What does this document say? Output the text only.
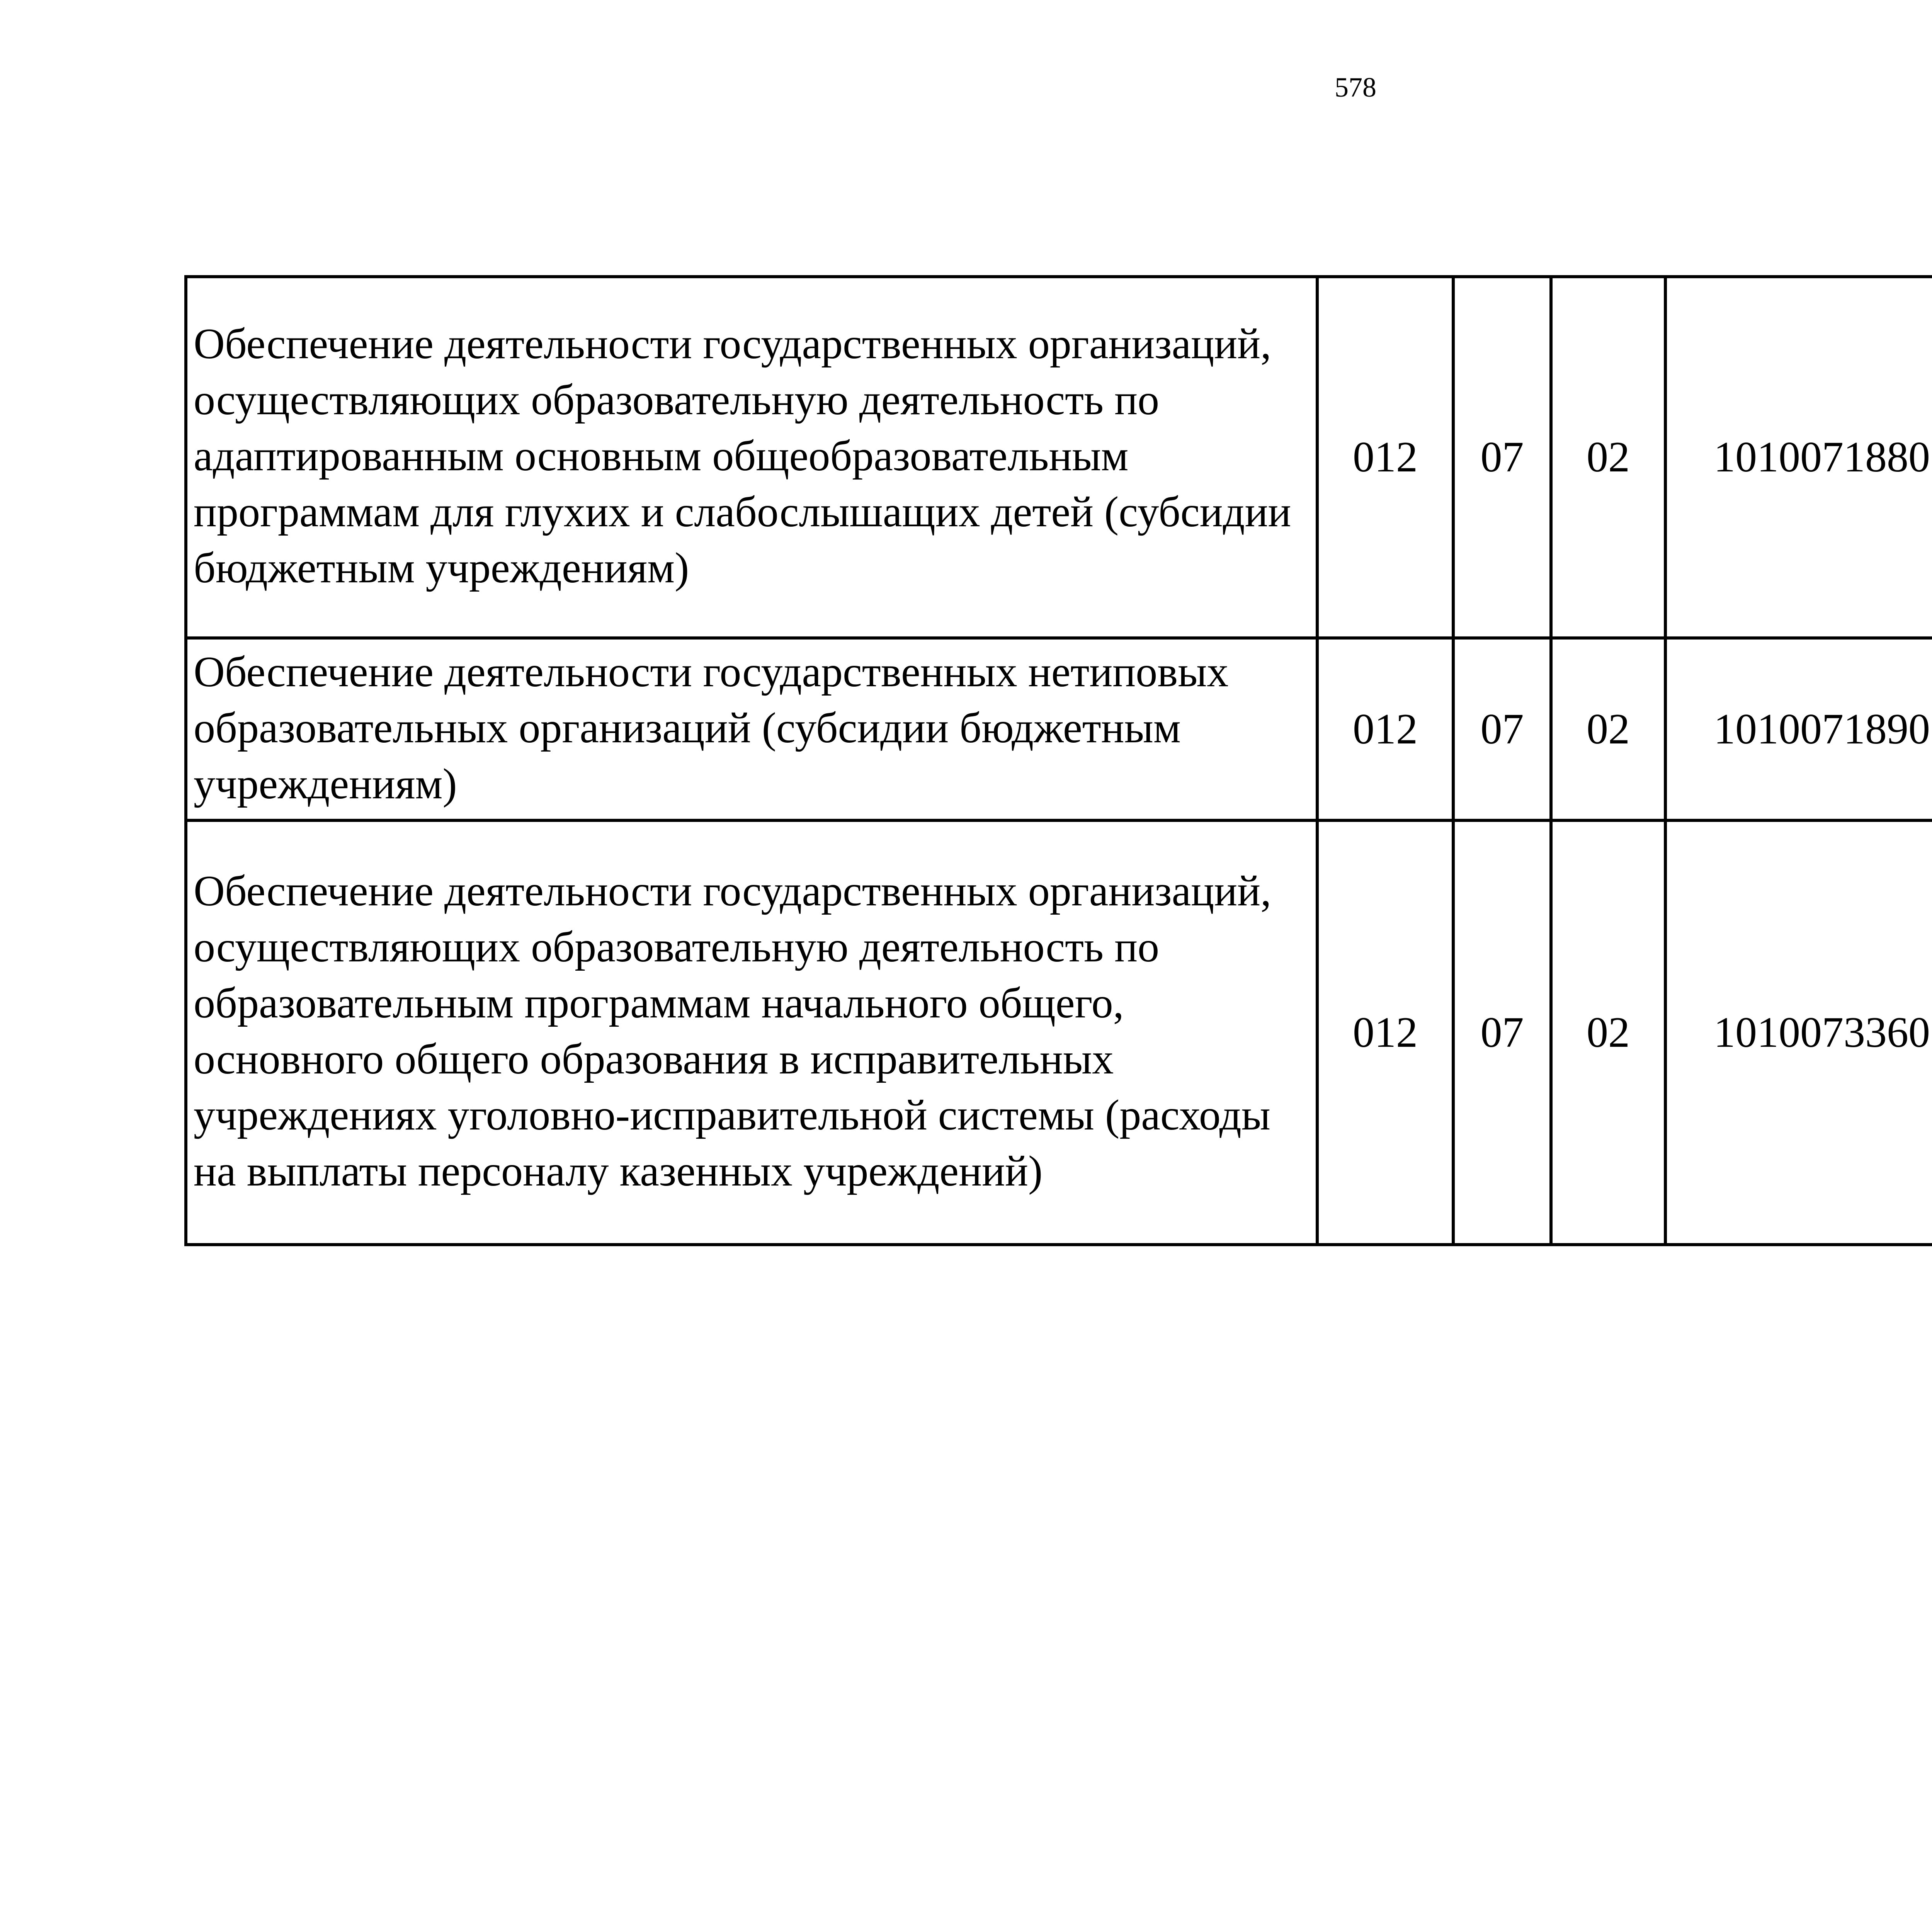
578
Обеспечение деятельности государственных организаций, осуществляющих образовательную деятельность по адаптированным основным общеобразовательным программам для глухих и слабослышащих детей (субсидии бюджетным учреждениям)	012	07	02	1010071880		
Обеспечение деятельности государственных нетиповых образовательных организаций (субсидии бюджетным учреждениям)	012	07	02	1010071890		
Обеспечение деятельности государственных организаций, осуществляющих образовательную деятельность по образовательным программам начального общего, основного общего образования в исправительных учреждениях уголовно-исправительной системы (расходы на выплаты персоналу казенных учреждений)	012	07	02	1010073360		
